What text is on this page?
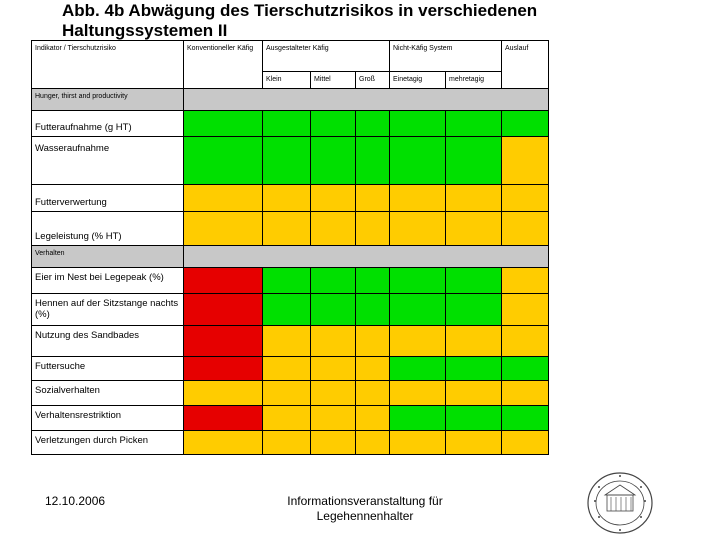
Abb. 4b Abwägung des Tierschutzrisikos in verschiedenen Haltungssystemen II
Indikator / Tierschutzrisiko	Konventioneller Käfig	Ausgestalteter Käfig			Nicht-Käfig System		Auslauf

		Klein	Mittel	Groß	Einetagig	mehretagig	

Hunger, thirst and productivity							

Futteraufnahme (g HT)							

Wasseraufnahme							

Futterverwertung							

Legeleistung (% HT)							

Verhalten							

Eier im Nest bei Legepeak (%)							

Hennen auf der Sitzstange nachts (%)							

Nutzung des Sandbades							

Futtersuche							

Sozialverhalten							

Verhaltensrestriktion							

Verletzungen durch Picken							

12.10.2006	Informationsveranstaltung für Legehennenhalter
